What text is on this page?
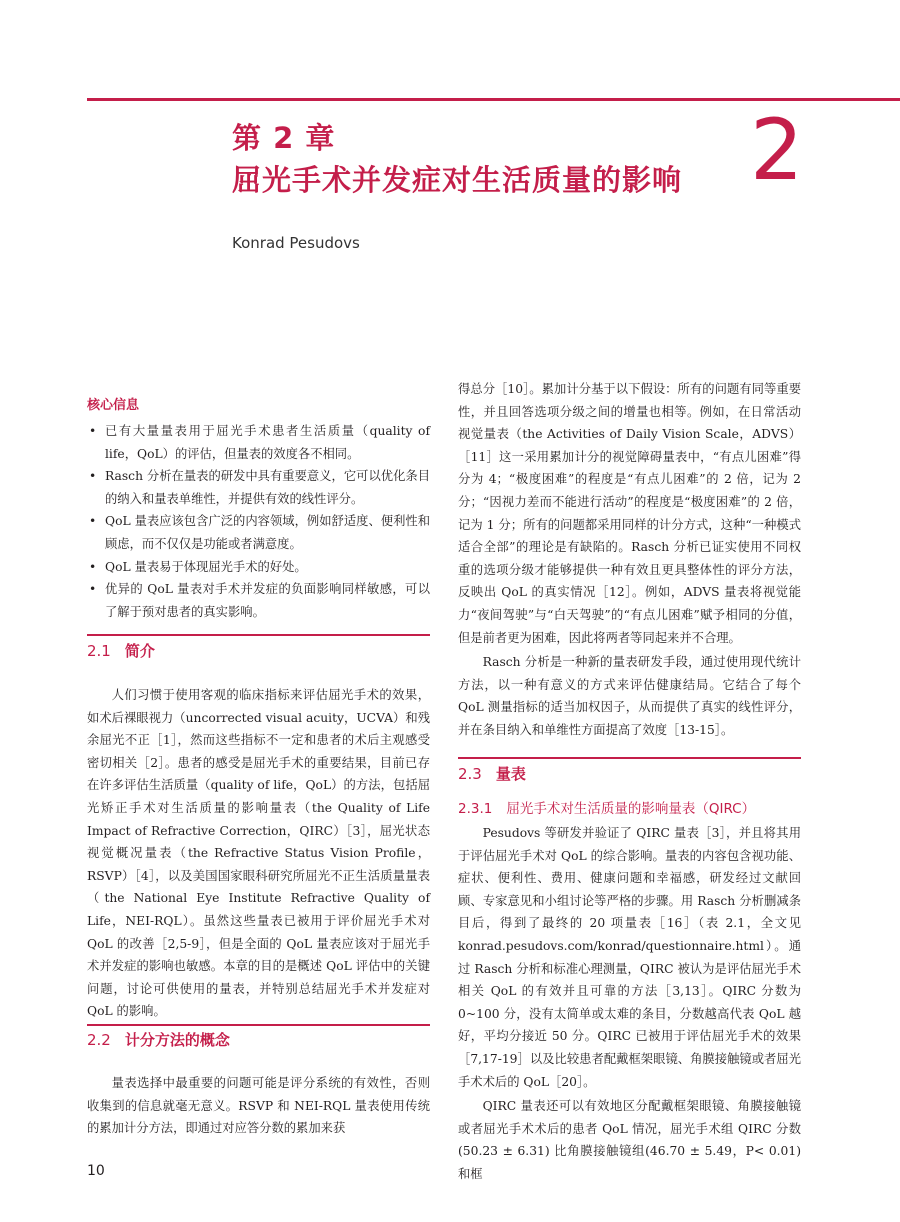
第 2 章
屈光手术并发症对生活质量的影响 2
Konrad Pesudovs
核心信息
• 已有大量量表用于屈光手术患者生活质量（quality of life，QoL）的评估，但量表的效度各不相同。
• Rasch 分析在量表的研发中具有重要意义，它可以优化条目的纳入和量表单维性，并提供有效的线性评分。
• QoL 量表应该包含广泛的内容领域，例如舒适度、便利性和顾虑，而不仅仅是功能或者满意度。
• QoL 量表易于体现屈光手术的好处。
• 优异的 QoL 量表对手术并发症的负面影响同样敏感，可以了解于预对患者的真实影响。
2.1 简介

人们习惯于使用客观的临床指标来评估屈光手术的效果，如术后裸眼视力（uncorrected visual acuity，UCVA）和残余屈光不正［1］，然而这些指标不一定和患者的术后主观感受密切相关［2］。患者的感受是屈光手术的重要结果，目前已存在许多评估生活质量（quality of life，QoL）的方法，包括屈光矫正手术对生活质量的影响量表（the Quality of Life Impact of Refractive Correction，QIRC）［3］，屈光状态视觉概况量表（the Refractive Status Vision Profile，RSVP）［4］，以及美国国家眼科研究所屈光不正生活质量量表（the National Eye Institute Refractive Quality of Life，NEI-RQL）。虽然这些量表已被用于评价屈光手术对 QoL 的改善［2,5-9］，但是全面的 QoL 量表应该对于屈光手术并发症的影响也敏感。本章的目的是概述 QoL 评估中的关键问题，讨论可供使用的量表，并特别总结屈光手术并发症对 QoL 的影响。

2.2 计分方法的概念

量表选择中最重要的问题可能是评分系统的有效性，否则收集到的信息就毫无意义。RSVP 和 NEI-RQL 量表使用传统的累加计分方法，即通过对应答分数的累加来获

得总分［10］。累加计分基于以下假设：所有的问题有同等重要性，并且回答选项分级之间的增量也相等。例如，在日常活动视觉量表（the Activities of Daily Vision Scale，ADVS）［11］这一采用累加计分的视觉障碍量表中，“有点儿困难”得分为 4；“极度困难”的程度是“有点儿困难”的 2 倍，记为 2 分；“因视力差而不能进行活动”的程度是“极度困难”的 2 倍，记为 1 分；所有的问题都采用同样的计分方式，这种“一种模式适合全部”的理论是有缺陷的。Rasch 分析已证实使用不同权重的选项分级才能够提供一种有效且更具整体性的评分方法，反映出 QoL 的真实情况［12］。例如，ADVS 量表将视觉能力“夜间驾驶”与“白天驾驶”的“有点儿困难”赋予相同的分值，但是前者更为困难，因此将两者等同起来并不合理。

Rasch 分析是一种新的量表研发手段，通过使用现代统计方法，以一种有意义的方式来评估健康结局。它结合了每个 QoL 测量指标的适当加权因子，从而提供了真实的线性评分，并在条目纳入和单维性方面提高了效度［13-15］。

2.3 量表
2.3.1 屈光手术对生活质量的影响量表（QIRC）

Pesudovs 等研发并验证了 QIRC 量表［3］，并且将其用于评估屈光手术对 QoL 的综合影响。量表的内容包含视功能、症状、便利性、费用、健康问题和幸福感，研发经过文献回顾、专家意见和小组讨论等严格的步骤。用 Rasch 分析删减条目后，得到了最终的 20 项量表［16］（表 2.1，全文见 konrad.pesudovs.com/konrad/questionnaire.html）。通过 Rasch 分析和标准心理测量，QIRC 被认为是评估屈光手术相关 QoL 的有效并且可靠的方法［3,13］。QIRC 分数为 0~100 分，没有太简单或太难的条目，分数越高代表 QoL 越好，平均分接近 50 分。QIRC 已被用于评估屈光手术的效果［7,17-19］以及比较患者配戴框架眼镜、角膜接触镜或者屈光手术术后的 QoL［20］。

QIRC 量表还可以有效地区分配戴框架眼镜、角膜接触镜或者屈光手术术后的患者 QoL 情况，屈光手术组 QIRC 分数(50.23 ± 6.31) 比角膜接触镜组(46.70 ± 5.49，P< 0.01) 和框

10
